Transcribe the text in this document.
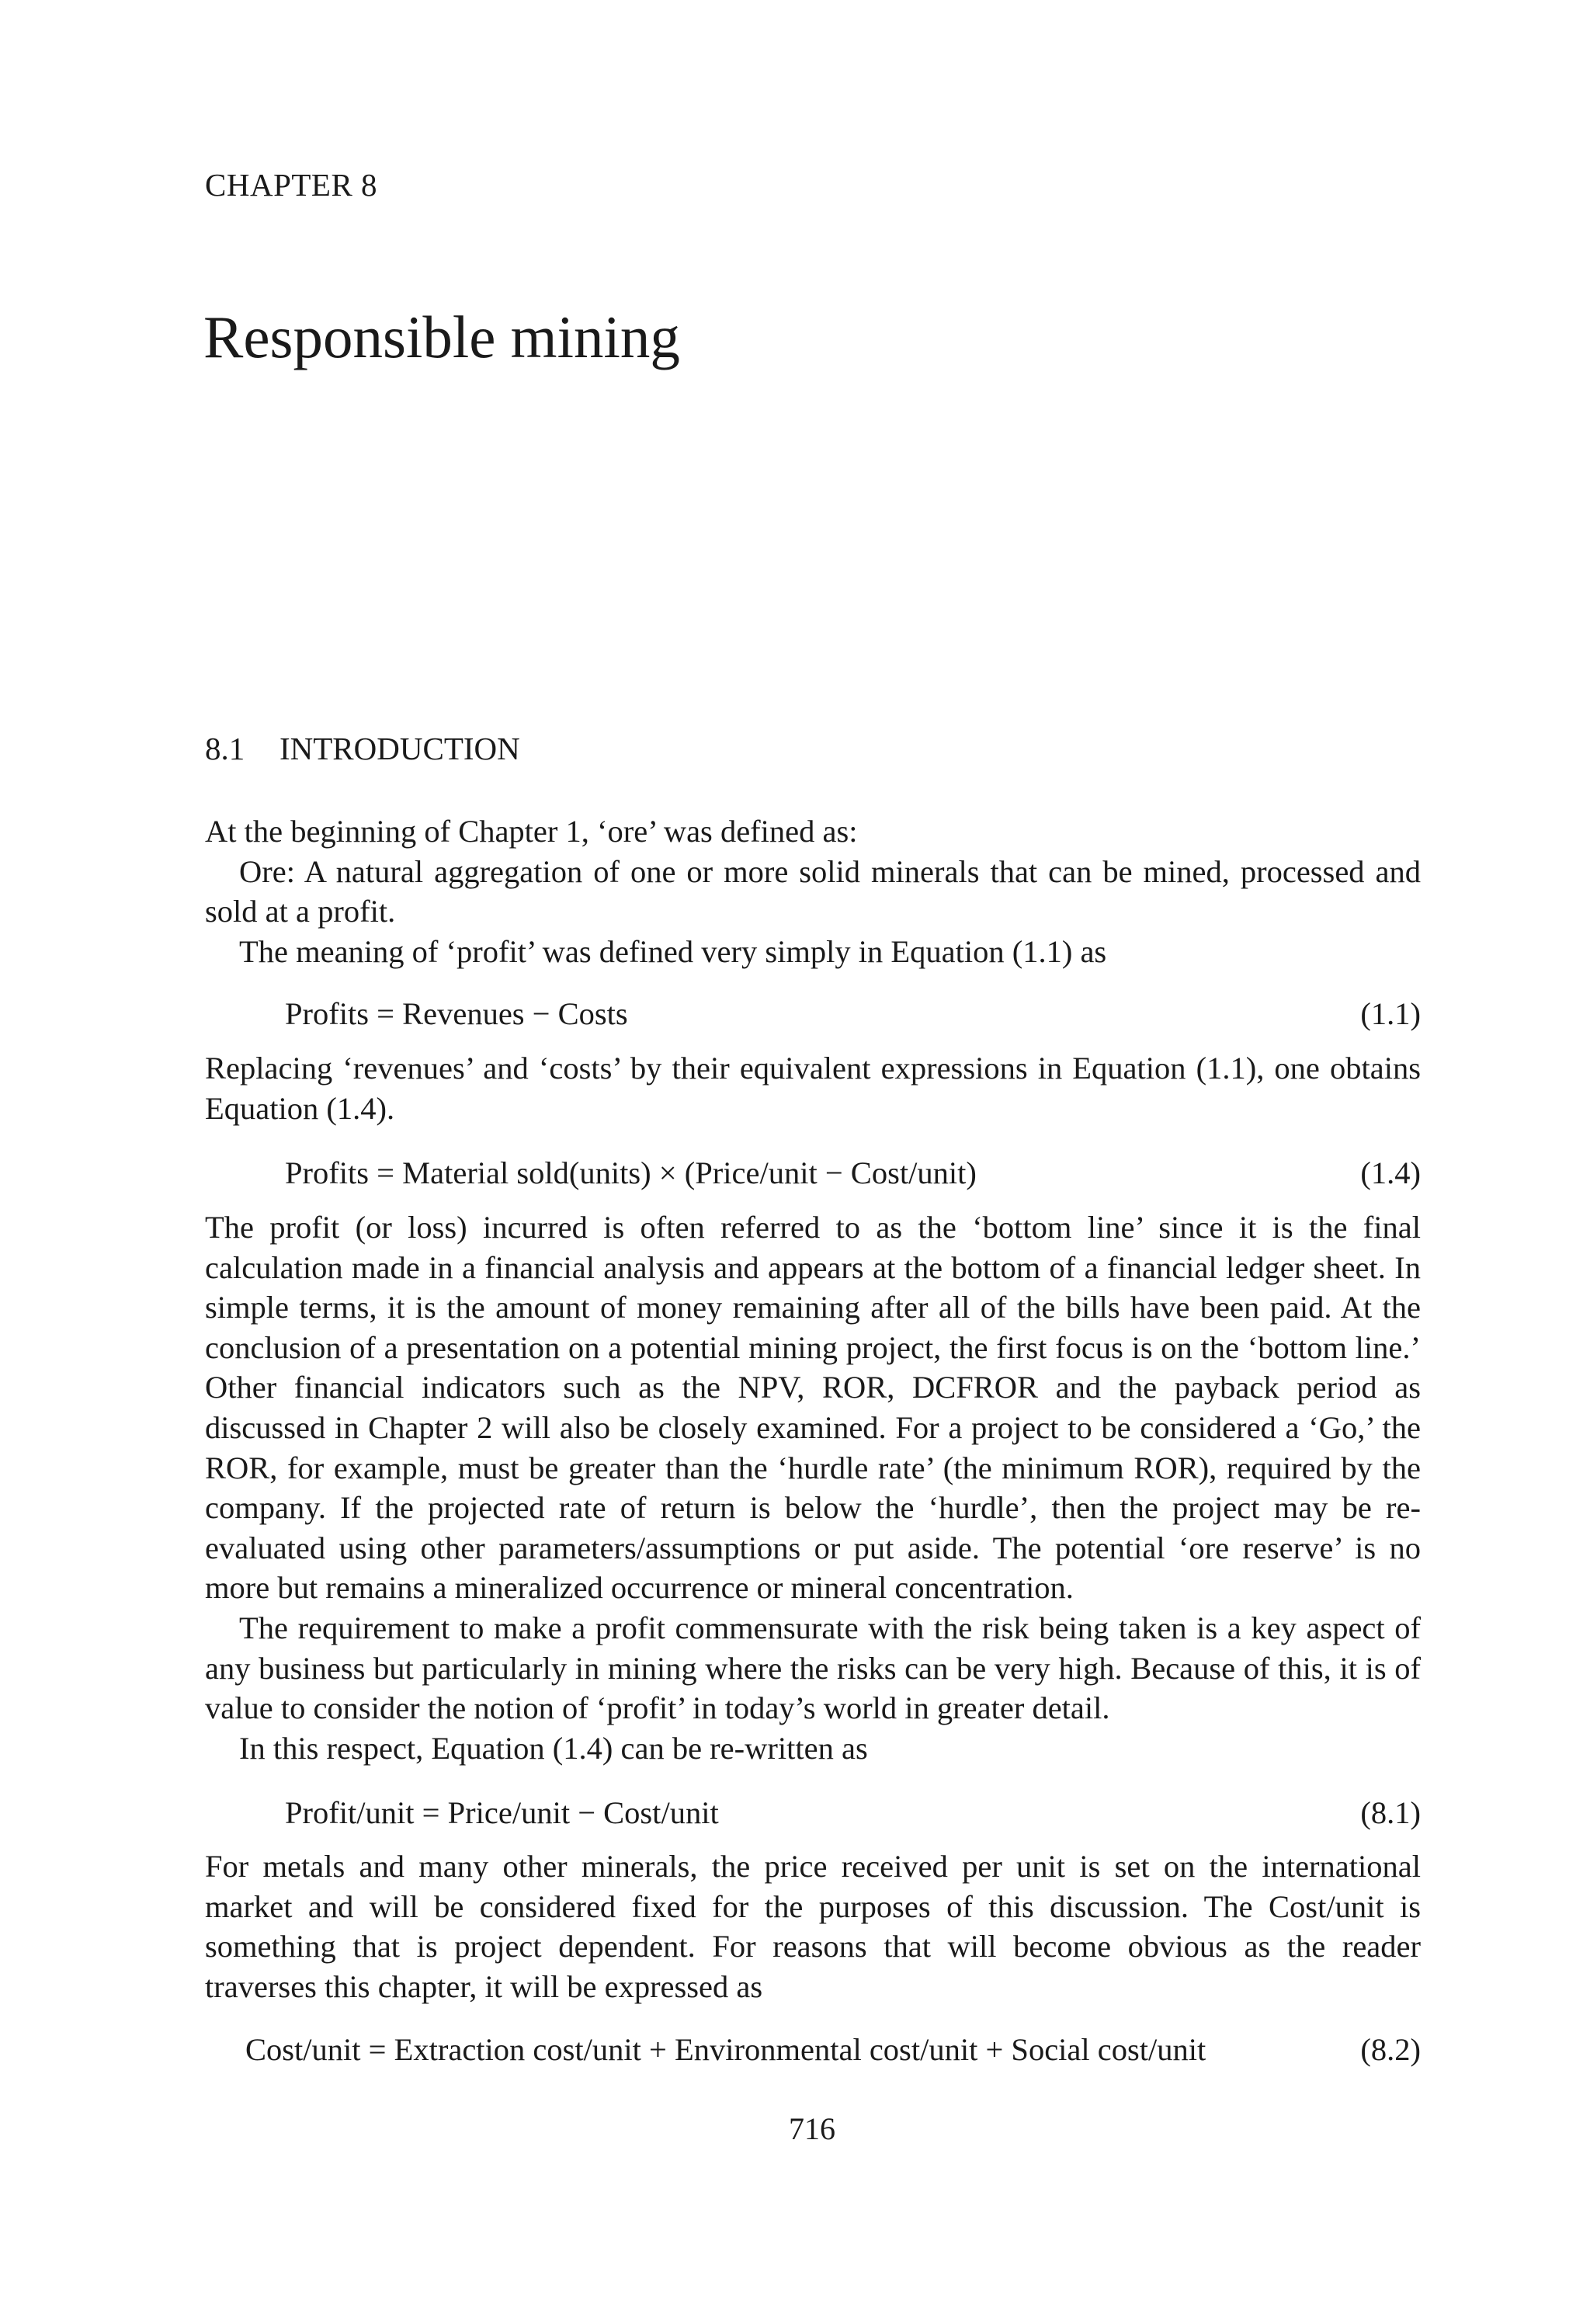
CHAPTER 8
Responsible mining
8.1 INTRODUCTION

At the beginning of Chapter 1, ‘ore’ was defined as:

Ore: A natural aggregation of one or more solid minerals that can be mined, processed and sold at a profit.

The meaning of ‘profit’ was defined very simply in Equation (1.1) as

Profits = Revenues − Costs	(1.1)

Replacing ‘revenues’ and ‘costs’ by their equivalent expressions in Equation (1.1), one obtains Equation (1.4).

Profits = Material sold(units) × (Price/unit − Cost/unit)	(1.4)

The profit (or loss) incurred is often referred to as the ‘bottom line’ since it is the final calculation made in a financial analysis and appears at the bottom of a financial ledger sheet. In simple terms, it is the amount of money remaining after all of the bills have been paid. At the conclusion of a presentation on a potential mining project, the first focus is on the ‘bottom line.’ Other financial indicators such as the NPV, ROR, DCFROR and the payback period as discussed in Chapter 2 will also be closely examined. For a project to be considered a ‘Go,’ the ROR, for example, must be greater than the ‘hurdle rate’ (the minimum ROR), required by the company. If the projected rate of return is below the ‘hurdle’, then the project may be re-evaluated using other parameters/assumptions or put aside. The potential ‘ore reserve’ is no more but remains a mineralized occurrence or mineral concentration.

The requirement to make a profit commensurate with the risk being taken is a key aspect of any business but particularly in mining where the risks can be very high. Because of this, it is of value to consider the notion of ‘profit’ in today’s world in greater detail.

In this respect, Equation (1.4) can be re-written as

Profit/unit = Price/unit − Cost/unit	(8.1)

For metals and many other minerals, the price received per unit is set on the international market and will be considered fixed for the purposes of this discussion. The Cost/unit is something that is project dependent. For reasons that will become obvious as the reader traverses this chapter, it will be expressed as

Cost/unit = Extraction cost/unit + Environmental cost/unit + Social cost/unit	(8.2)
716
